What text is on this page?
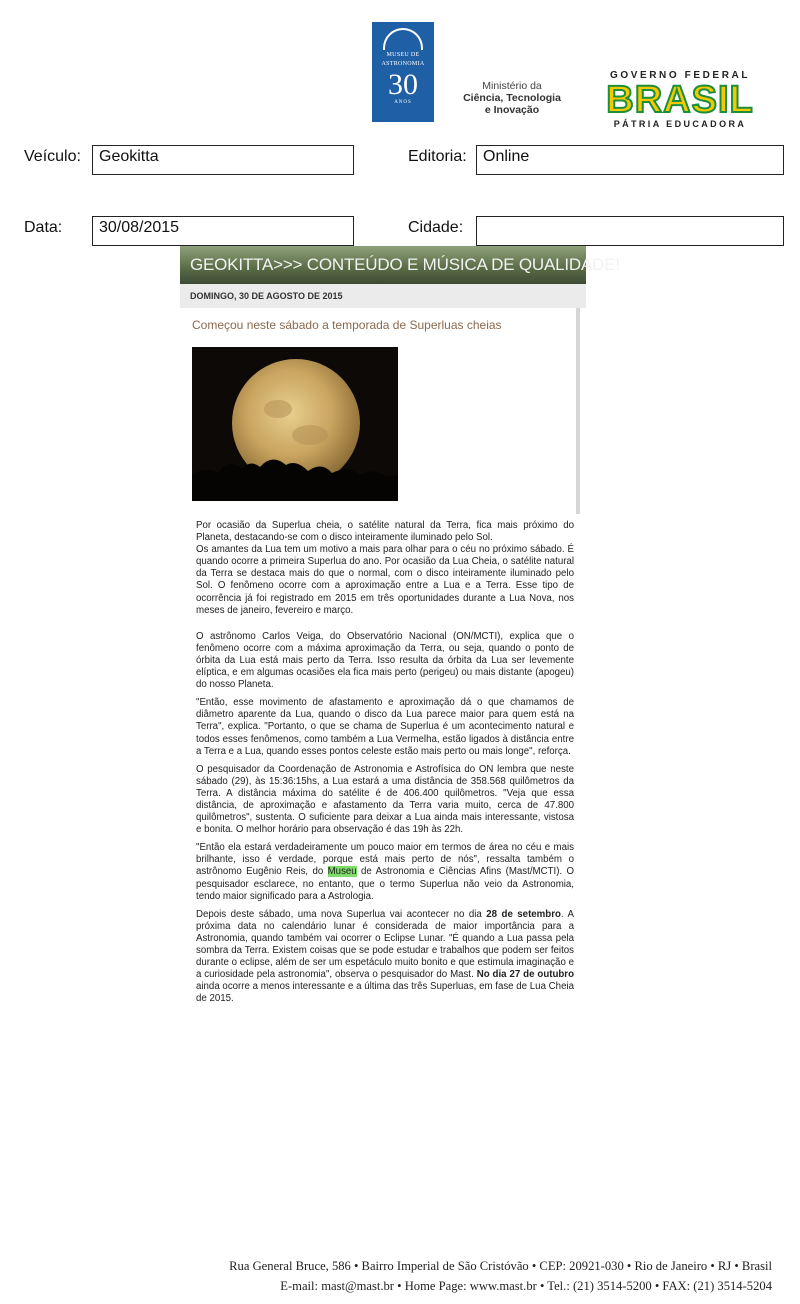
MUSEU DE
ASTRONOMIA
30
ANOS
Ministério da
Ciência, Tecnologia
e Inovação
GOVERNO FEDERAL
BRASIL
PÁTRIA EDUCADORA
Veículo:	Geokitta	Editoria:	Online
Data:	30/08/2015	Cidade:
GEOKITTA>>> CONTEÚDO E MÚSICA DE QUALIDADE!
DOMINGO, 30 DE AGOSTO DE 2015
Começou neste sábado a temporada de Superluas cheias

Por ocasião da Superlua cheia, o satélite natural da Terra, fica mais próximo do Planeta, destacando-se com o disco inteiramente iluminado pelo Sol.
Os amantes da Lua tem um motivo a mais para olhar para o céu no próximo sábado. É quando ocorre a primeira Superlua do ano. Por ocasião da Lua Cheia, o satélite natural da Terra se destaca mais do que o normal, com o disco inteiramente iluminado pelo Sol. O fenômeno ocorre com a aproximação entre a Lua e a Terra. Esse tipo de ocorrência já foi registrado em 2015 em três oportunidades durante a Lua Nova, nos meses de janeiro, fevereiro e março.

O astrônomo Carlos Veiga, do Observatório Nacional (ON/MCTI), explica que o fenômeno ocorre com a máxima aproximação da Terra, ou seja, quando o ponto de órbita da Lua está mais perto da Terra. Isso resulta da órbita da Lua ser levemente elíptica, e em algumas ocasiões ela fica mais perto (perigeu) ou mais distante (apogeu) do nosso Planeta.

"Então, esse movimento de afastamento e aproximação dá o que chamamos de diâmetro aparente da Lua, quando o disco da Lua parece maior para quem está na Terra", explica. "Portanto, o que se chama de Superlua é um acontecimento natural e todos esses fenômenos, como também a Lua Vermelha, estão ligados à distância entre a Terra e a Lua, quando esses pontos celeste estão mais perto ou mais longe", reforça.

O pesquisador da Coordenação de Astronomia e Astrofísica do ON lembra que neste sábado (29), às 15:36:15hs, a Lua estará a uma distância de 358.568 quilômetros da Terra. A distância máxima do satélite é de 406.400 quilômetros. "Veja que essa distância, de aproximação e afastamento da Terra varia muito, cerca de 47.800 quilômetros", sustenta. O suficiente para deixar a Lua ainda mais interessante, vistosa e bonita. O melhor horário para observação é das 19h às 22h.

"Então ela estará verdadeiramente um pouco maior em termos de área no céu e mais brilhante, isso é verdade, porque está mais perto de nós", ressalta também o astrônomo Eugênio Reis, do Museu de Astronomia e Ciências Afins (Mast/MCTI). O pesquisador esclarece, no entanto, que o termo Superlua não veio da Astronomia, tendo maior significado para a Astrologia.

Depois deste sábado, uma nova Superlua vai acontecer no dia 28 de setembro. A próxima data no calendário lunar é considerada de maior importância para a Astronomia, quando também vai ocorrer o Eclipse Lunar. "É quando a Lua passa pela sombra da Terra. Existem coisas que se pode estudar e trabalhos que podem ser feitos durante o eclipse, além de ser um espetáculo muito bonito e que estimula imaginação e a curiosidade pela astronomia", observa o pesquisador do Mast. No dia 27 de outubro ainda ocorre a menos interessante e a última das três Superluas, em fase de Lua Cheia de 2015.

Rua General Bruce, 586 • Bairro Imperial de São Cristóvão • CEP: 20921-030 • Rio de Janeiro • RJ • Brasil
E-mail: mast@mast.br • Home Page: www.mast.br • Tel.: (21) 3514-5200 • FAX: (21) 3514-5204
